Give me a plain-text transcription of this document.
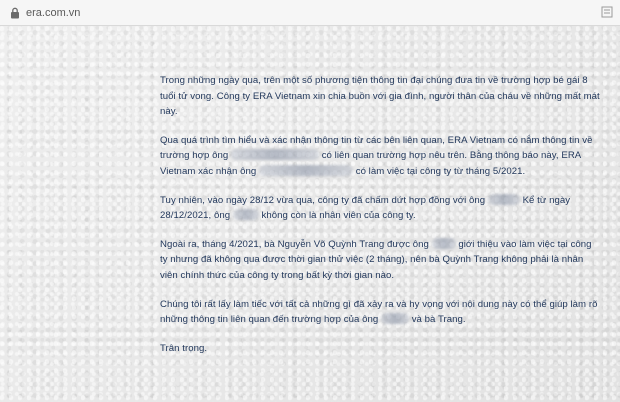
era.com.vn

Trong những ngày qua, trên một số phương tiện thông tin đại chúng đưa tin về trường hợp bé gái 8 tuổi tử vong. Công ty ERA Vietnam xin chia buồn với gia đình, người thân của cháu về những mất mát này.

Qua quá trình tìm hiểu và xác nhận thông tin từ các bên liên quan, ERA Vietnam có nắm thông tin về trường hợp ông	có liên quan trường hợp nêu trên. Bằng thông báo này, ERA Vietnam xác nhận ông	có làm việc tại công ty từ tháng 5/2021.

Tuy nhiên, vào ngày 28/12 vừa qua, công ty đã chấm dứt hợp đồng với ông	Kể từ ngày 28/12/2021, ông	không còn là nhân viên của công ty.

Ngoài ra, tháng 4/2021, bà Nguyễn Võ Quỳnh Trang được ông	giới thiệu vào làm việc tại công ty nhưng đã không qua được thời gian thử việc (2 tháng), nên bà Quỳnh Trang không phải là nhân viên chính thức của công ty trong bất kỳ thời gian nào.

Chúng tôi rất lấy làm tiếc với tất cả những gì đã xảy ra và hy vọng với nội dung này có thể giúp làm rõ những thông tin liên quan đến trường hợp của ông	và bà Trang.

Trân trọng.
